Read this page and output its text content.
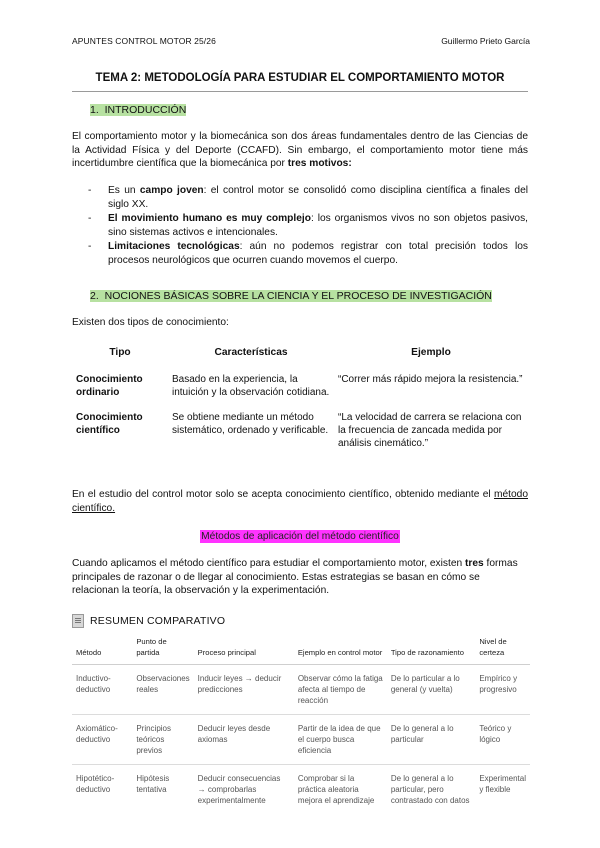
APUNTES CONTROL MOTOR 25/26	Guillermo Prieto García
TEMA 2: METODOLOGÍA PARA ESTUDIAR EL COMPORTAMIENTO MOTOR
1. INTRODUCCIÓN
El comportamiento motor y la biomecánica son dos áreas fundamentales dentro de las Ciencias de la Actividad Física y del Deporte (CCAFD). Sin embargo, el comportamiento motor tiene más incertidumbre científica que la biomecánica por tres motivos:
- Es un campo joven: el control motor se consolidó como disciplina científica a finales del siglo XX.
- El movimiento humano es muy complejo: los organismos vivos no son objetos pasivos, sino sistemas activos e intencionales.
- Limitaciones tecnológicas: aún no podemos registrar con total precisión todos los procesos neurológicos que ocurren cuando movemos el cuerpo.
2. NOCIONES BÁSICAS SOBRE LA CIENCIA Y EL PROCESO DE INVESTIGACIÓN
Existen dos tipos de conocimiento:
Tipo	Características	Ejemplo
Conocimiento ordinario	Basado en la experiencia, la intuición y la observación cotidiana.	“Correr más rápido mejora la resistencia.”
Conocimiento científico	Se obtiene mediante un método sistemático, ordenado y verificable.	“La velocidad de carrera se relaciona con la frecuencia de zancada medida por análisis cinemático.”
En el estudio del control motor solo se acepta conocimiento científico, obtenido mediante el método científico.
Métodos de aplicación del método científico
Cuando aplicamos el método científico para estudiar el comportamiento motor, existen tres formas principales de razonar o de llegar al conocimiento. Estas estrategias se basan en cómo se relacionan la teoría, la observación y la experimentación.
RESUMEN COMPARATIVO
Método	Punto de partida	Proceso principal	Ejemplo en control motor	Tipo de razonamiento	Nivel de certeza
Inductivo-deductivo	Observaciones reales	Inducir leyes → deducir predicciones	Observar cómo la fatiga afecta al tiempo de reacción	De lo particular a lo general (y vuelta)	Empírico y progresivo
Axiomático-deductivo	Principios teóricos previos	Deducir leyes desde axiomas	Partir de la idea de que el cuerpo busca eficiencia	De lo general a lo particular	Teórico y lógico
Hipotético-deductivo	Hipótesis tentativa	Deducir consecuencias → comprobarlas experimentalmente	Comprobar si la práctica aleatoria mejora el aprendizaje	De lo general a lo particular, pero contrastado con datos	Experimental y flexible
